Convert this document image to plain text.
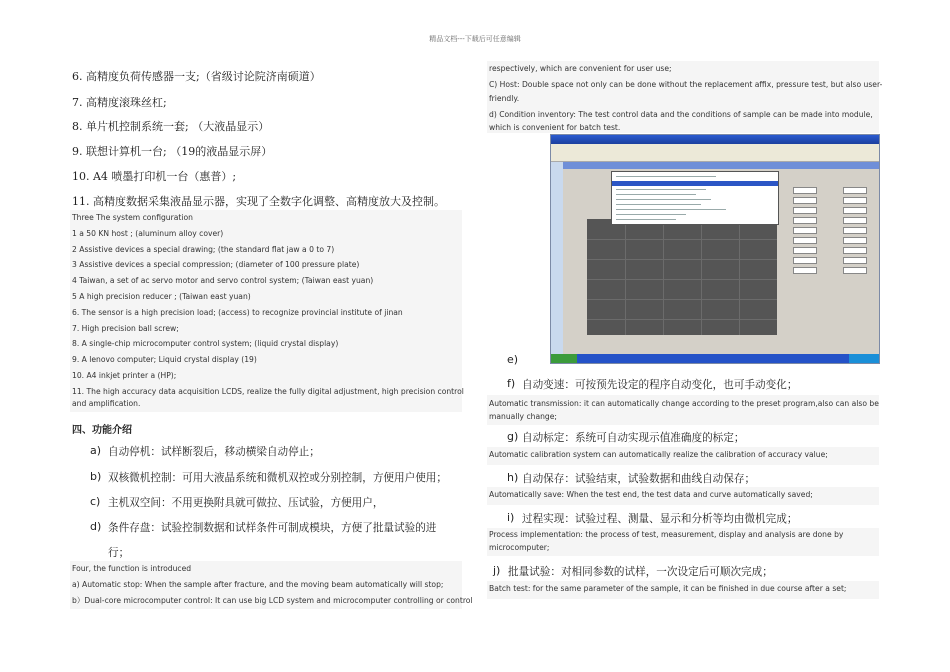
精品文档---下载后可任意编辑
6. 高精度负荷传感器一支;（省级讨论院济南硕道）
7. 高精度滚珠丝杠;
8. 单片机控制系统一套; （大液晶显示）
9. 联想计算机一台; （19的液晶显示屏）
10. A4 喷墨打印机一台（惠普）;
11. 高精度数据采集液晶显示器，实现了全数字化调整、高精度放大及控制。
Three The system configuration
1 a 50 KN host ; (aluminum alloy cover)
2 Assistive devices a special drawing; (the standard flat jaw a 0 to 7)
3 Assistive devices a special compression; (diameter of 100 pressure plate)
4 Taiwan, a set of ac servo motor and servo control system; (Taiwan east yuan)
5 A high precision reducer ; (Taiwan east yuan)
6. The sensor is a high precision load; (access) to recognize provincial institute of jinan
7. High precision ball screw;
8. A single-chip microcomputer control system; (liquid crystal display)
9. A lenovo computer; Liquid crystal display (19)
10. A4 inkjet printer a (HP);
11. The high accuracy data acquisition LCDS, realize the fully digital adjustment, high precision control
and amplification.
四、功能介绍
a) 自动停机：试样断裂后，移动横梁自动停止；
b) 双核微机控制：可用大液晶系统和微机双控或分别控制，方便用户使用；
c) 主机双空间：不用更换附具就可做拉、压试验，方便用户，
d) 条件存盘：试验控制数据和试样条件可制成模块，方便了批量试验的进
行；
Four, the function is introduced
a) Automatic stop: When the sample after fracture, and the moving beam automatically will stop;
b）Dual-core microcomputer control: It can use big LCD system and microcomputer controlling or control
respectively, which are convenient for user use;
C) Host: Double space not only can be done without the replacement affix, pressure test, but also user-
friendly.
d) Condition inventory: The test control data and the conditions of sample can be made into module,
which is convenient for batch test.
e)
f) 自动变速：可按预先设定的程序自动变化，也可手动变化；
Automatic transmission: it can automatically change according to the preset program,also can also be
manually change;
g) 自动标定：系统可自动实现示值准确度的标定；
Automatic calibration system can automatically realize the calibration of accuracy value;
h) 自动保存：试验结束，试验数据和曲线自动保存；
Automatically save: When the test end, the test data and curve automatically saved;
i) 过程实现：试验过程、测量、显示和分析等均由微机完成；
Process implementation: the process of test, measurement, display and analysis are done by
microcomputer;
j) 批量试验：对相同参数的试样，一次设定后可顺次完成；
Batch test: for the same parameter of the sample, it can be finished in due course after a set;
